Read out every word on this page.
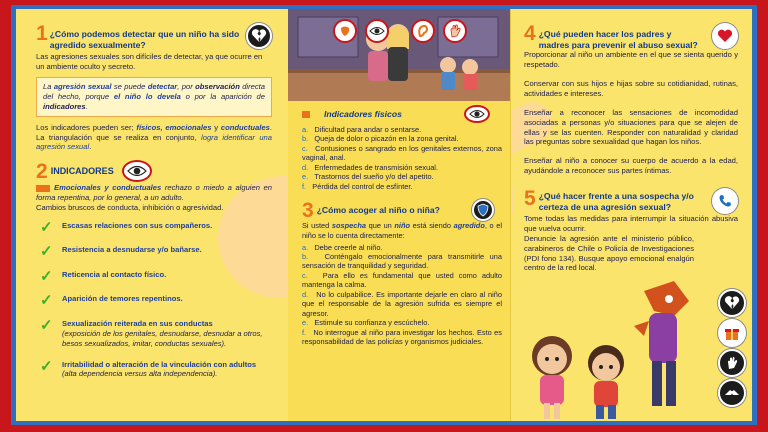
1 ¿Cómo podemos detectar que un niño ha sido agredido sexualmente?
Las agresiones sexuales son difíciles de detectar, ya que ocurre en un ambiente oculto y secreto.
La agresión sexual se puede detectar, por observación directa del hecho, porque el niño lo devela o por la aparición de indicadores.
Los indicadores pueden ser; físicos, emocionales y conductuales. La triangulación que se realiza en conjunto, logra identificar una agresión sexual.
2 INDICADORES
Emocionales y conductuales rechazo o miedo a alguien en forma repentina, por lo general, a un adulto.
Cambios bruscos de conducta, inhibición o agresividad.
✓	Escasas relaciones con sus compañeros.
✓	Resistencia a desnudarse y/o bañarse.
✓	Reticencia al contacto físico.
✓	Aparición de temores repentinos.
✓	Sexualización reiterada en sus conductas
(exposición de los genitales, desnudarse, desnudar a otros, besos sexualizados, imitar, conductas sexuales).
✓	Irritabilidad o alteración de la vinculación con adultos (alta dependencia versus alta independencia).
Indicadores físicos
a. Dificultad para andar o sentarse.
b. Queja de dolor o picazón en la zona genital.
c. Contusiones o sangrado en los genitales externos, zona vaginal, anal.
d. Enfermedades de transmisión sexual.
e. Trastornos del sueño y/o del apetito.
f. Pérdida del control de esfínter.
3 ¿Cómo acoger al niño o niña?
Si usted sospecha que un niño está siendo agredido, o el niño se lo cuenta directamente:
a. Debe creerle al niño.
b. Conténgalo emocionalmente para transmitirle una sensación de tranquilidad y seguridad.
c. Para ello es fundamental que usted como adulto mantenga la calma.
d. No lo culpabilice. Es importante dejarle en claro al niño que el responsable de la agresión sufrida es siempre el agresor.
e. Estimule su confianza y escúchelo.
f. No interrogue al niño para investigar los hechos. Esto es responsabilidad de las policías y organismos judiciales.
4 ¿Qué pueden hacer los padres y madres para prevenir el abuso sexual?
Proporcionar al niño un ambiente en el que se sienta querido y respetado.
Conservar con sus hijos e hijas sobre su cotidianidad, rutinas, actividades e intereses.
Enseñar a reconocer las sensaciones de incomodidad asociadas a personas y/o situaciones para que se alejen de ellas y se las cuenten. Responder con naturalidad y claridad las preguntas sobre sexualidad que hagan los niños.
Enseñar al niño a conocer su cuerpo de acuerdo a la edad, ayudándole a reconocer sus partes íntimas.
5 ¿Qué hacer frente a una sospecha y/o certeza de una agresión sexual?
Tome todas las medidas para interrumpir la situación abusiva que vuelva ocurrir.
Denuncie la agresión ante el ministerio público, carabineros de Chile o Policía de Investigaciones (PDI fono 134). Busque apoyo emocional enalgún centro de la red local.
